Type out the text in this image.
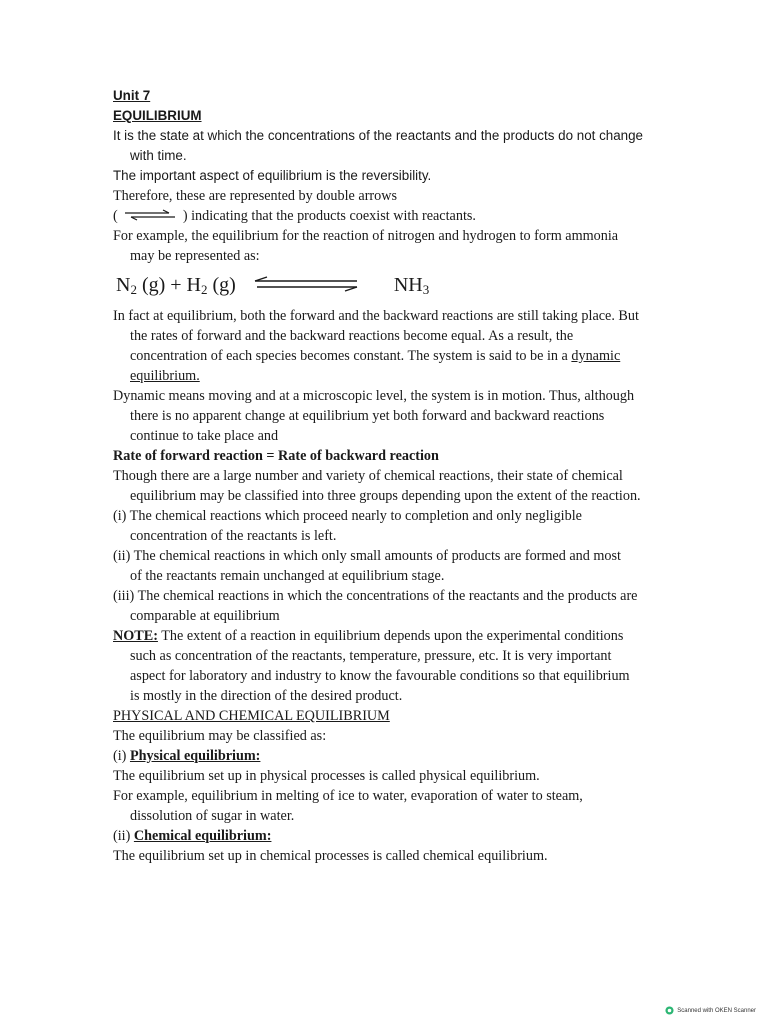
Unit 7
EQUILIBRIUM
It is the state at which the concentrations of the reactants and the products do not change
with time.
The important aspect of equilibrium is the reversibility.
Therefore, these are represented by double arrows
(	) indicating that the products coexist with reactants.
For example, the equilibrium for the reaction of nitrogen and hydrogen to form ammonia
may be represented as:
$N_2$ $(g) + H_2$ (g)	$NH_3$
In fact at equilibrium, both the forward and the backward reactions are still taking place. But
the rates of forward and the backward reactions become equal. As a result, the
concentration of each species becomes constant. The system is said to be in a dynamic
equilibrium.
Dynamic means moving and at a microscopic level, the system is in motion. Thus, although
there is no apparent change at equilibrium yet both forward and backward reactions
continue to take place and
Rate of forward reaction = Rate of backward reaction
Though there are a large number and variety of chemical reactions, their state of chemical
equilibrium may be classified into three groups depending upon the extent of the reaction.
(i) The chemical reactions which proceed nearly to completion and only negligible
concentration of the reactants is left.
(ii) The chemical reactions in which only small amounts of products are formed and most
of the reactants remain unchanged at equilibrium stage.
(iii) The chemical reactions in which the concentrations of the reactants and the products are
comparable at equilibrium
NOTE: The extent of a reaction in equilibrium depends upon the experimental conditions
such as concentration of the reactants, temperature, pressure, etc. It is very important
aspect for laboratory and industry to know the favourable conditions so that equilibrium
is mostly in the direction of the desired product.
PHYSICAL AND CHEMICAL EQUILIBRIUM
The equilibrium may be classified as:
(i) Physical equilibrium:
The equilibrium set up in physical processes is called physical equilibrium.
For example, equilibrium in melting of ice to water, evaporation of water to steam,
dissolution of sugar in water.
(ii) Chemical equilibrium:
The equilibrium set up in chemical processes is called chemical equilibrium.
Scanned with OKEN Scanner
